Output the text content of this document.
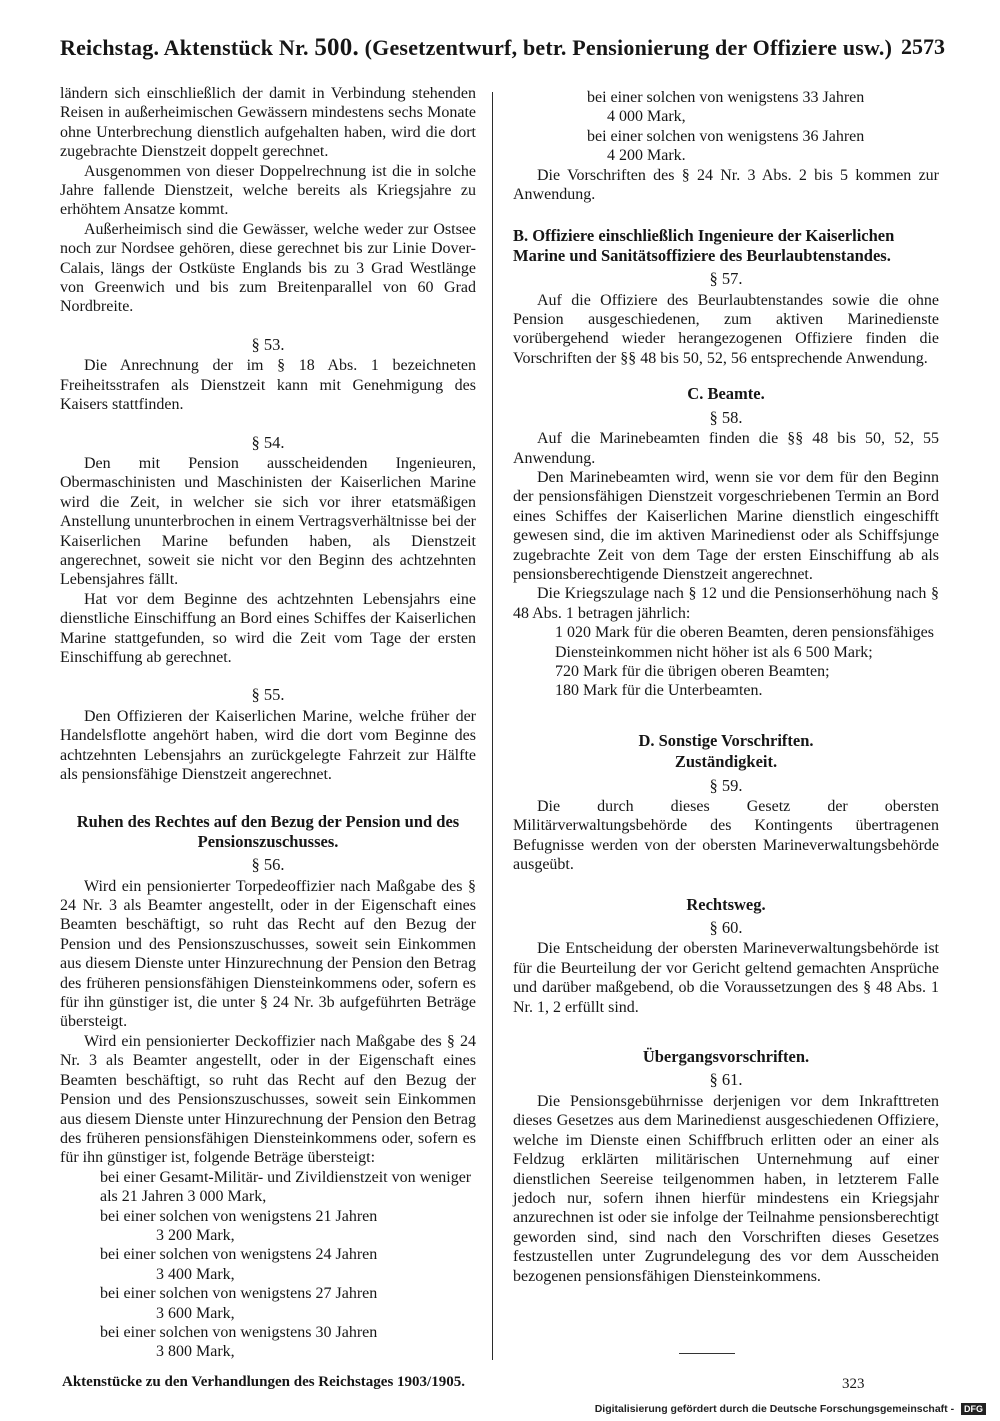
Reichstag. Aktenstück Nr. 500. (Gesetzentwurf, betr. Pensionierung der Offiziere usw.) 2573

ländern sich einschließlich der damit in Verbindung stehenden Reisen in außerheimischen Gewässern mindestens sechs Monate ohne Unterbrechung dienstlich aufgehalten haben, wird die dort zugebrachte Dienstzeit doppelt gerechnet.

Ausgenommen von dieser Doppelrechnung ist die in solche Jahre fallende Dienstzeit, welche bereits als Kriegsjahre zu erhöhtem Ansatze kommt.

Außerheimisch sind die Gewässer, welche weder zur Ostsee noch zur Nordsee gehören, diese gerechnet bis zur Linie Dover-Calais, längs der Ostküste Englands bis zu 3 Grad Westlänge von Greenwich und bis zum Breitenparallel von 60 Grad Nordbreite.

§ 53.

Die Anrechnung der im § 18 Abs. 1 bezeichneten Freiheitsstrafen als Dienstzeit kann mit Genehmigung des Kaisers stattfinden.

§ 54.

Den mit Pension ausscheidenden Ingenieuren, Obermaschinisten und Maschinisten der Kaiserlichen Marine wird die Zeit, in welcher sie sich vor ihrer etatsmäßigen Anstellung ununterbrochen in einem Vertragsverhältnisse bei der Kaiserlichen Marine befunden haben, als Dienstzeit angerechnet, soweit sie nicht vor den Beginn des achtzehnten Lebensjahres fällt.

Hat vor dem Beginne des achtzehnten Lebensjahrs eine dienstliche Einschiffung an Bord eines Schiffes der Kaiserlichen Marine stattgefunden, so wird die Zeit vom Tage der ersten Einschiffung ab gerechnet.

§ 55.

Den Offizieren der Kaiserlichen Marine, welche früher der Handelsflotte angehört haben, wird die dort vom Beginne des achtzehnten Lebensjahrs an zurückgelegte Fahrzeit zur Hälfte als pensionsfähige Dienstzeit angerechnet.

Ruhen des Rechtes auf den Bezug der Pension und des Pensionszuschusses.
§ 56.

Wird ein pensionierter Torpedeoffizier nach Maßgabe des § 24 Nr. 3 als Beamter angestellt, oder in der Eigenschaft eines Beamten beschäftigt, so ruht das Recht auf den Bezug der Pension und des Pensionszuschusses, soweit sein Einkommen aus diesem Dienste unter Hinzurechnung der Pension den Betrag des früheren pensionsfähigen Diensteinkommens oder, sofern es für ihn günstiger ist, die unter § 24 Nr. 3b aufgeführten Beträge übersteigt.

Wird ein pensionierter Deckoffizier nach Maßgabe des § 24 Nr. 3 als Beamter angestellt, oder in der Eigenschaft eines Beamten beschäftigt, so ruht das Recht auf den Bezug der Pension und des Pensionszuschusses, soweit sein Einkommen aus diesem Dienste unter Hinzurechnung der Pension den Betrag des früheren pensionsfähigen Diensteinkommens oder, sofern es für ihn günstiger ist, folgende Beträge übersteigt:

bei einer Gesamt-Militär- und Zivildienstzeit von weniger als 21 Jahren 3 000 Mark,

bei einer solchen von wenigstens 21 Jahren

3 200 Mark,

bei einer solchen von wenigstens 24 Jahren

3 400 Mark,

bei einer solchen von wenigstens 27 Jahren

3 600 Mark,

bei einer solchen von wenigstens 30 Jahren

3 800 Mark,

bei einer solchen von wenigstens 33 Jahren

4 000 Mark,

bei einer solchen von wenigstens 36 Jahren

4 200 Mark.

Die Vorschriften des § 24 Nr. 3 Abs. 2 bis 5 kommen zur Anwendung.

B. Offiziere einschließlich Ingenieure der Kaiserlichen Marine und Sanitätsoffiziere des Beurlaubtenstandes.
§ 57.

Auf die Offiziere des Beurlaubtenstandes sowie die ohne Pension ausgeschiedenen, zum aktiven Marinedienste vorübergehend wieder herangezogenen Offiziere finden die Vorschriften der §§ 48 bis 50, 52, 56 entsprechende Anwendung.

C. Beamte.
§ 58.

Auf die Marinebeamten finden die §§ 48 bis 50, 52, 55 Anwendung.

Den Marinebeamten wird, wenn sie vor dem für den Beginn der pensionsfähigen Dienstzeit vorgeschriebenen Termin an Bord eines Schiffes der Kaiserlichen Marine dienstlich eingeschifft gewesen sind, die im aktiven Marinedienst oder als Schiffsjunge zugebrachte Zeit von dem Tage der ersten Einschiffung ab als pensionsberechtigende Dienstzeit angerechnet.

Die Kriegszulage nach § 12 und die Pensionserhöhung nach § 48 Abs. 1 betragen jährlich:

1 020 Mark für die oberen Beamten, deren pensionsfähiges Diensteinkommen nicht höher ist als 6 500 Mark;

720 Mark für die übrigen oberen Beamten;

180 Mark für die Unterbeamten.

D. Sonstige Vorschriften.
Zuständigkeit.
§ 59.

Die durch dieses Gesetz der obersten Militärverwaltungsbehörde des Kontingents übertragenen Befugnisse werden von der obersten Marineverwaltungsbehörde ausgeübt.

Rechtsweg.
§ 60.

Die Entscheidung der obersten Marineverwaltungsbehörde ist für die Beurteilung der vor Gericht geltend gemachten Ansprüche und darüber maßgebend, ob die Voraussetzungen des § 48 Abs. 1 Nr. 1, 2 erfüllt sind.

Übergangsvorschriften.
§ 61.

Die Pensionsgebührnisse derjenigen vor dem Inkrafttreten dieses Gesetzes aus dem Marinedienst ausgeschiedenen Offiziere, welche im Dienste einen Schiffbruch erlitten oder an einer als Feldzug erklärten militärischen Unternehmung auf einer dienstlichen Seereise teilgenommen haben, in letzterem Falle jedoch nur, sofern ihnen hierfür mindestens ein Kriegsjahr anzurechnen ist oder sie infolge der Teilnahme pensionsberechtigt geworden sind, sind nach den Vorschriften dieses Gesetzes festzustellen unter Zugrundelegung des vor dem Ausscheiden bezogenen pensionsfähigen Diensteinkommens.

Aktenstücke zu den Verhandlungen des Reichstages 1903/1905.	323
Digitalisierung gefördert durch die Deutsche Forschungsgemeinschaft - DFG
